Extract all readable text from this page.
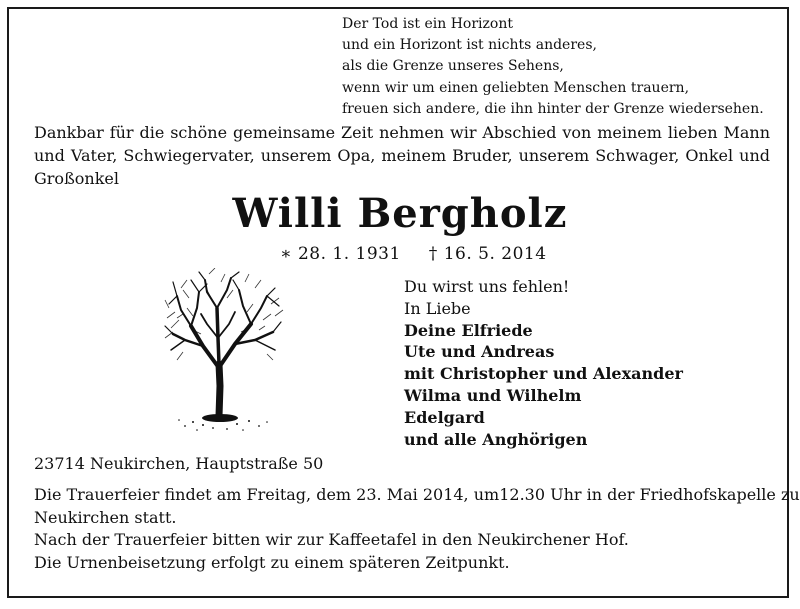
Der Tod ist ein Horizont
und ein Horizont ist nichts anderes,
als die Grenze unseres Sehens,
wenn wir um einen geliebten Menschen trauern,
freuen sich andere, die ihn hinter der Grenze wiedersehen.
Dankbar für die schöne gemeinsame Zeit nehmen wir Abschied von meinem lieben Mann
und Vater, Schwiegervater, unserem Opa, meinem Bruder, unserem Schwager, Onkel und
Großonkel
Willi Bergholz
∗ 28. 1. 1931 † 16. 5. 2014
Du wirst uns fehlen!
In Liebe
Deine Elfriede
Ute und Andreas
mit Christopher und Alexander
Wilma und Wilhelm
Edelgard
und alle Anghörigen
23714 Neukirchen, Hauptstraße 50
Die Trauerfeier findet am Freitag, dem 23. Mai 2014, um12.30 Uhr in der Friedhofskapelle zu
Neukirchen statt.
Nach der Trauerfeier bitten wir zur Kaffeetafel in den Neukirchener Hof.
Die Urnenbeisetzung erfolgt zu einem späteren Zeitpunkt.
